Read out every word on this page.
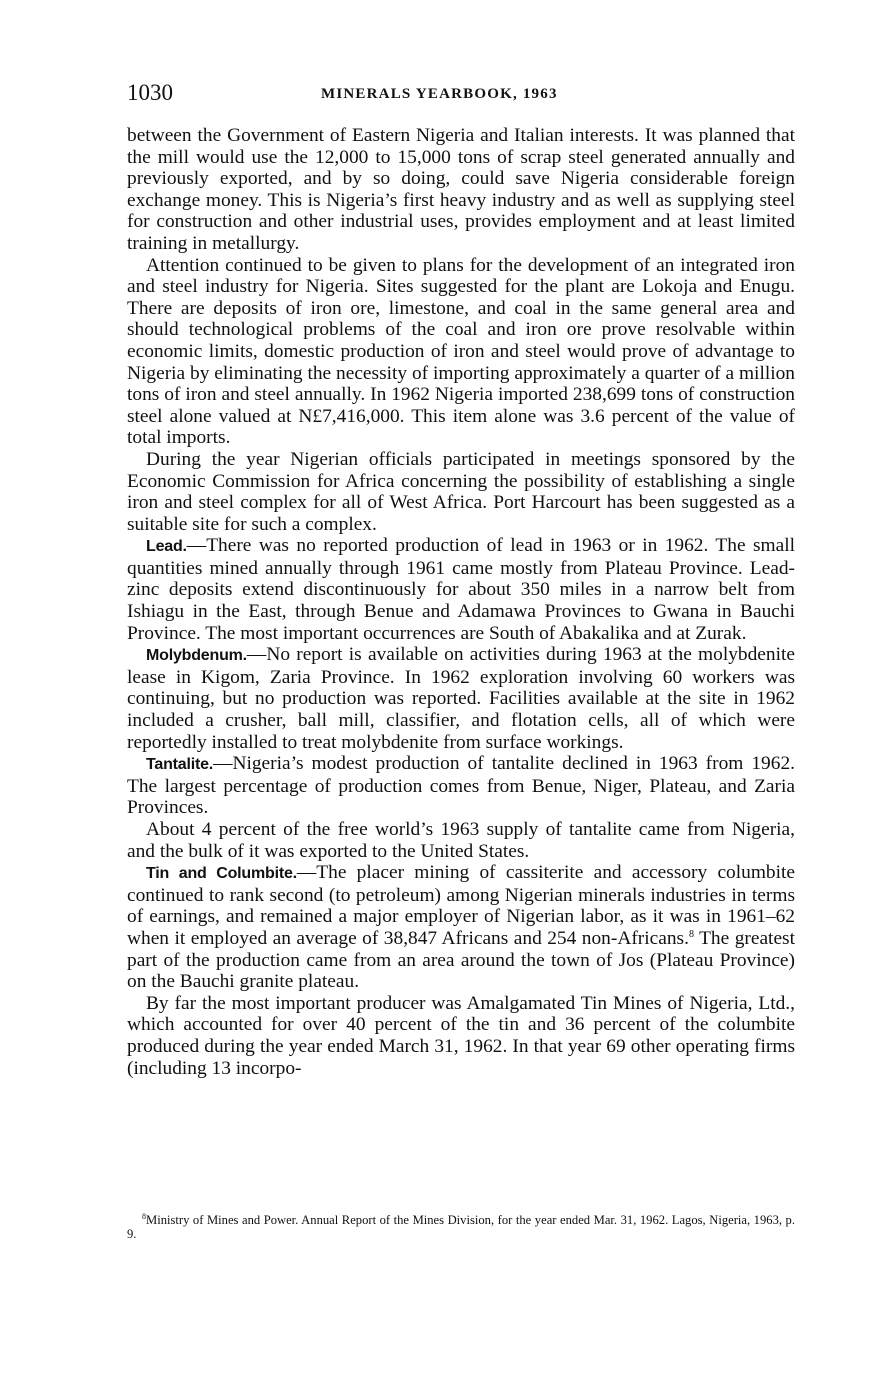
1030	MINERALS YEARBOOK, 1963

between the Government of Eastern Nigeria and Italian interests. It was planned that the mill would use the 12,000 to 15,000 tons of scrap steel generated annually and previously exported, and by so doing, could save Nigeria considerable foreign exchange money. This is Nigeria’s first heavy industry and as well as supplying steel for construction and other industrial uses, provides employment and at least limited training in metallurgy.

Attention continued to be given to plans for the development of an integrated iron and steel industry for Nigeria. Sites suggested for the plant are Lokoja and Enugu. There are deposits of iron ore, limestone, and coal in the same general area and should technological problems of the coal and iron ore prove resolvable within economic limits, domestic production of iron and steel would prove of advantage to Nigeria by eliminating the necessity of importing approximately a quarter of a million tons of iron and steel annually. In 1962 Nigeria imported 238,699 tons of construction steel alone valued at N£7,416,000. This item alone was 3.6 percent of the value of total imports.

During the year Nigerian officials participated in meetings sponsored by the Economic Commission for Africa concerning the possibility of establishing a single iron and steel complex for all of West Africa. Port Harcourt has been suggested as a suitable site for such a complex.

Lead.—There was no reported production of lead in 1963 or in 1962. The small quantities mined annually through 1961 came mostly from Plateau Province. Lead-zinc deposits extend discontinuously for about 350 miles in a narrow belt from Ishiagu in the East, through Benue and Adamawa Provinces to Gwana in Bauchi Province. The most important occurrences are South of Abakalika and at Zurak.

Molybdenum.—No report is available on activities during 1963 at the molybdenite lease in Kigom, Zaria Province. In 1962 exploration involving 60 workers was continuing, but no production was reported. Facilities available at the site in 1962 included a crusher, ball mill, classifier, and flotation cells, all of which were reportedly installed to treat molybdenite from surface workings.

Tantalite.—Nigeria’s modest production of tantalite declined in 1963 from 1962. The largest percentage of production comes from Benue, Niger, Plateau, and Zaria Provinces.

About 4 percent of the free world’s 1963 supply of tantalite came from Nigeria, and the bulk of it was exported to the United States.

Tin and Columbite.—The placer mining of cassiterite and accessory columbite continued to rank second (to petroleum) among Nigerian minerals industries in terms of earnings, and remained a major employer of Nigerian labor, as it was in 1961–62 when it employed an average of 38,847 Africans and 254 non-Africans.$^8$ The greatest part of the production came from an area around the town of Jos (Plateau Province) on the Bauchi granite plateau.

By far the most important producer was Amalgamated Tin Mines of Nigeria, Ltd., which accounted for over 40 percent of the tin and 36 percent of the columbite produced during the year ended March 31, 1962. In that year 69 other operating firms (including 13 incorpo-

$^8$Ministry of Mines and Power. Annual Report of the Mines Division, for the year ended Mar. 31, 1962. Lagos, Nigeria, 1963, p. 9.
